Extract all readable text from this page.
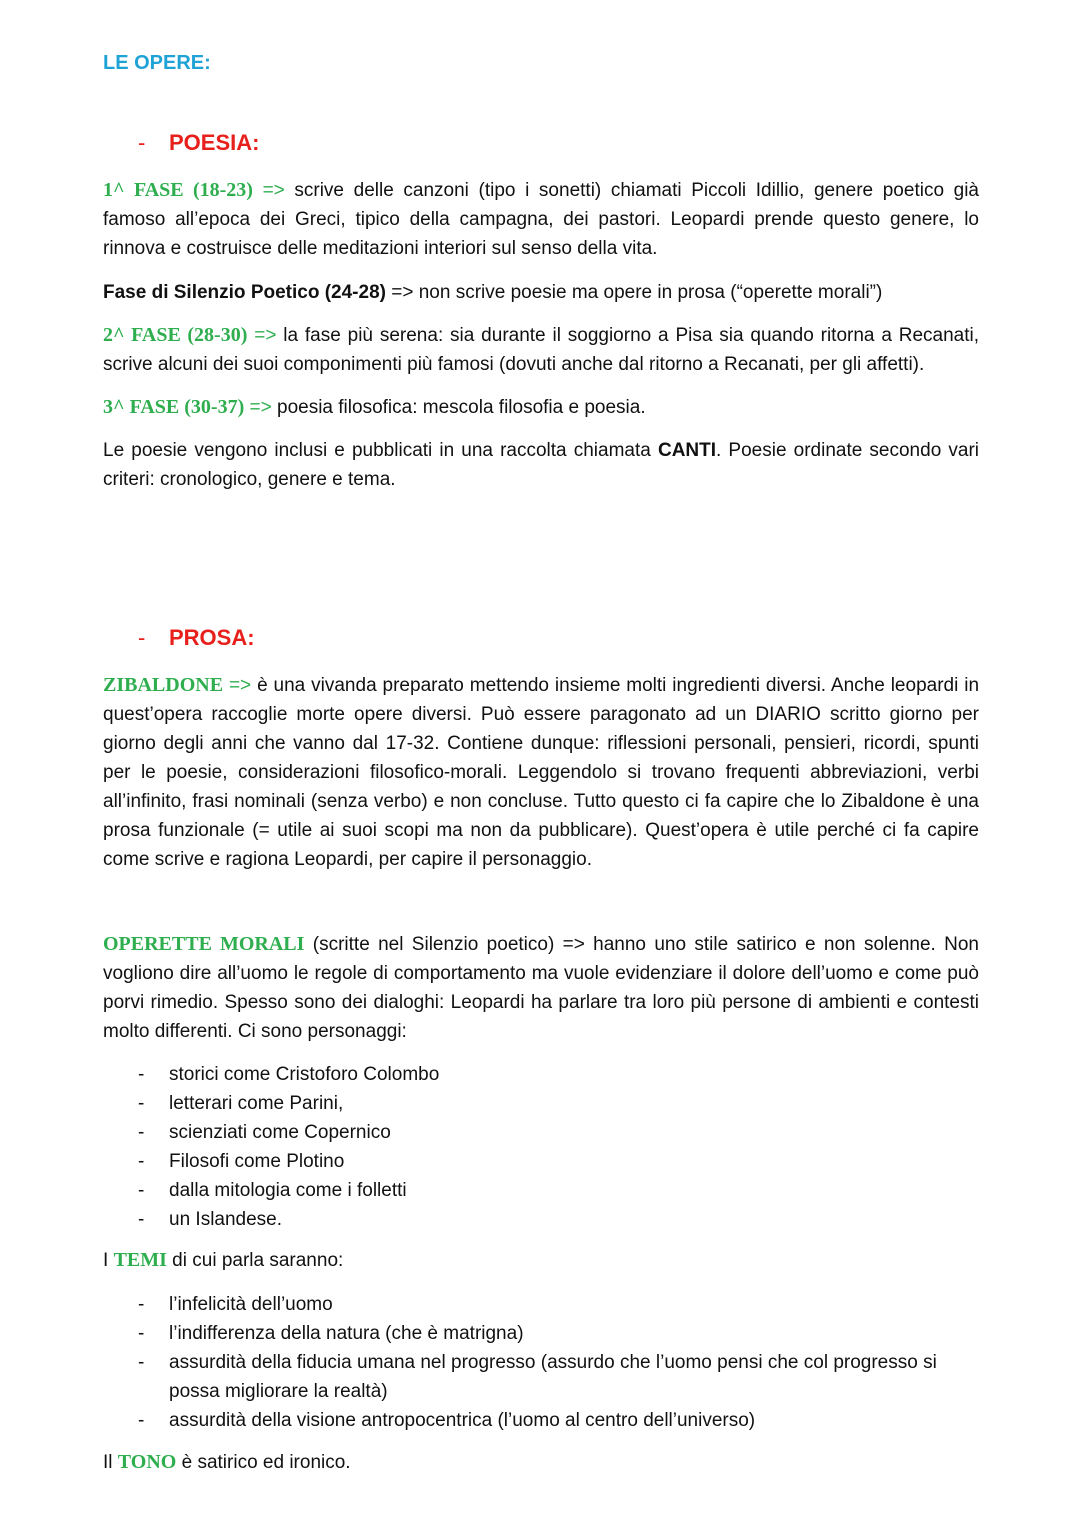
LE OPERE:
- POESIA:

1^ FASE (18-23) => scrive delle canzoni (tipo i sonetti) chiamati Piccoli Idillio, genere poetico già famoso all’epoca dei Greci, tipico della campagna, dei pastori. Leopardi prende questo genere, lo rinnova e costruisce delle meditazioni interiori sul senso della vita.

Fase di Silenzio Poetico (24-28) => non scrive poesie ma opere in prosa (“operette morali”)

2^ FASE (28-30) => la fase più serena: sia durante il soggiorno a Pisa sia quando ritorna a Recanati, scrive alcuni dei suoi componimenti più famosi (dovuti anche dal ritorno a Recanati, per gli affetti).

3^ FASE (30-37) => poesia filosofica: mescola filosofia e poesia.

Le poesie vengono inclusi e pubblicati in una raccolta chiamata CANTI. Poesie ordinate secondo vari criteri: cronologico, genere e tema.

- PROSA:

ZIBALDONE => è una vivanda preparato mettendo insieme molti ingredienti diversi. Anche leopardi in quest’opera raccoglie morte opere diversi. Può essere paragonato ad un DIARIO scritto giorno per giorno degli anni che vanno dal 17-32. Contiene dunque: riflessioni personali, pensieri, ricordi, spunti per le poesie, considerazioni filosofico-morali. Leggendolo si trovano frequenti abbreviazioni, verbi all’infinito, frasi nominali (senza verbo) e non concluse. Tutto questo ci fa capire che lo Zibaldone è una prosa funzionale (= utile ai suoi scopi ma non da pubblicare). Quest’opera è utile perché ci fa capire come scrive e ragiona Leopardi, per capire il personaggio.

OPERETTE MORALI (scritte nel Silenzio poetico) => hanno uno stile satirico e non solenne. Non vogliono dire all’uomo le regole di comportamento ma vuole evidenziare il dolore dell’uomo e come può porvi rimedio. Spesso sono dei dialoghi: Leopardi ha parlare tra loro più persone di ambienti e contesti molto differenti. Ci sono personaggi:

- storici come Cristoforo Colombo
- letterari come Parini,
- scienziati come Copernico
- Filosofi come Plotino
- dalla mitologia come i folletti
- un Islandese.

I TEMI di cui parla saranno:

- l’infelicità dell’uomo
- l’indifferenza della natura (che è matrigna)
- assurdità della fiducia umana nel progresso (assurdo che l’uomo pensi che col progresso si possa migliorare la realtà)
- assurdità della visione antropocentrica (l’uomo al centro dell’universo)

Il TONO è satirico ed ironico.
